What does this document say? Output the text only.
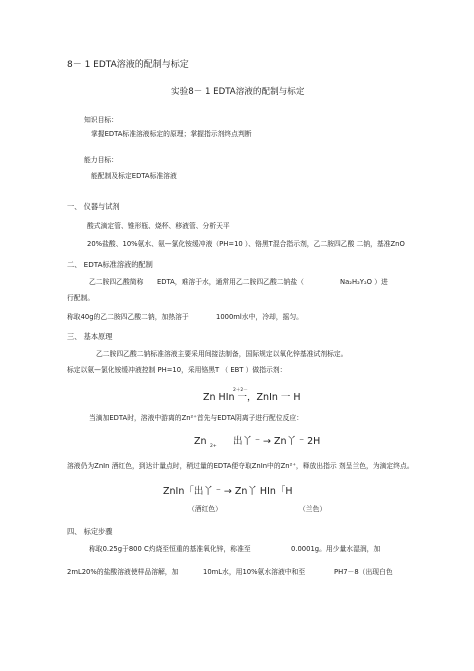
8－ 1 EDTA溶液的配制与标定
实验8－ 1 EDTA溶液的配制与标定
知识目标：
掌握EDTA标准溶液标定的原理；掌握指示剂终点判断
能力目标：
能配制及标定EDTA标准溶液
一、 仪器与试剂
酸式滴定管、锥形瓶、烧杯、移液管、分析天平
20%盐酸、10%氨水、氨—氯化铵缓冲液（PH=10 ）、铬黑T混合指示剂，乙二胺四乙酸 二钠，基准ZnO
二、 EDTA标准溶液的配制
乙二胺四乙酸简称 EDTA，难溶于水，通常用乙二胺四乙酸二钠盐（	Na₂H₂Y₂O ）进
行配制。
称取40g的乙二胺四乙酸二钠，加热溶于	1000ml水中，冷却，摇匀。
三、 基本原理
乙二胺四乙酸二钠标准溶液主要采用间接法制备，国际规定以氧化锌基准试剂标定。
标定以氨—氯化铵缓冲液控制 PH=10，采用铬黑T （ EBT ）做指示剂：
2＋2－
Zn HIn 一，ZnIn 一 H
当滴加EDTA时，溶液中游离的Zn²⁺首先与EDTA阴离子进行配位反应：
Zn 2+ 出丫 ⁻ → Zn丫 ⁻ 2H
溶液仍为ZnIn 酒红色，到达计量点时，稍过量的EDTA便夺取ZnIn中的Zn²⁺，释放出指示 剂呈兰色，为滴定终点。
ZnIn「出丫 ⁻ → Zn丫 HIn「H
（酒红色）	（兰色）
四、 标定步骤
称取0.25g于800 C灼烧至恒重的基准氧化锌，称准至	0.0001g。用少量水湿润，加
2mL20%的盐酸溶液使样品溶解，加	10mL水，用10%氨水溶液中和至	PH7－8（出现白色
